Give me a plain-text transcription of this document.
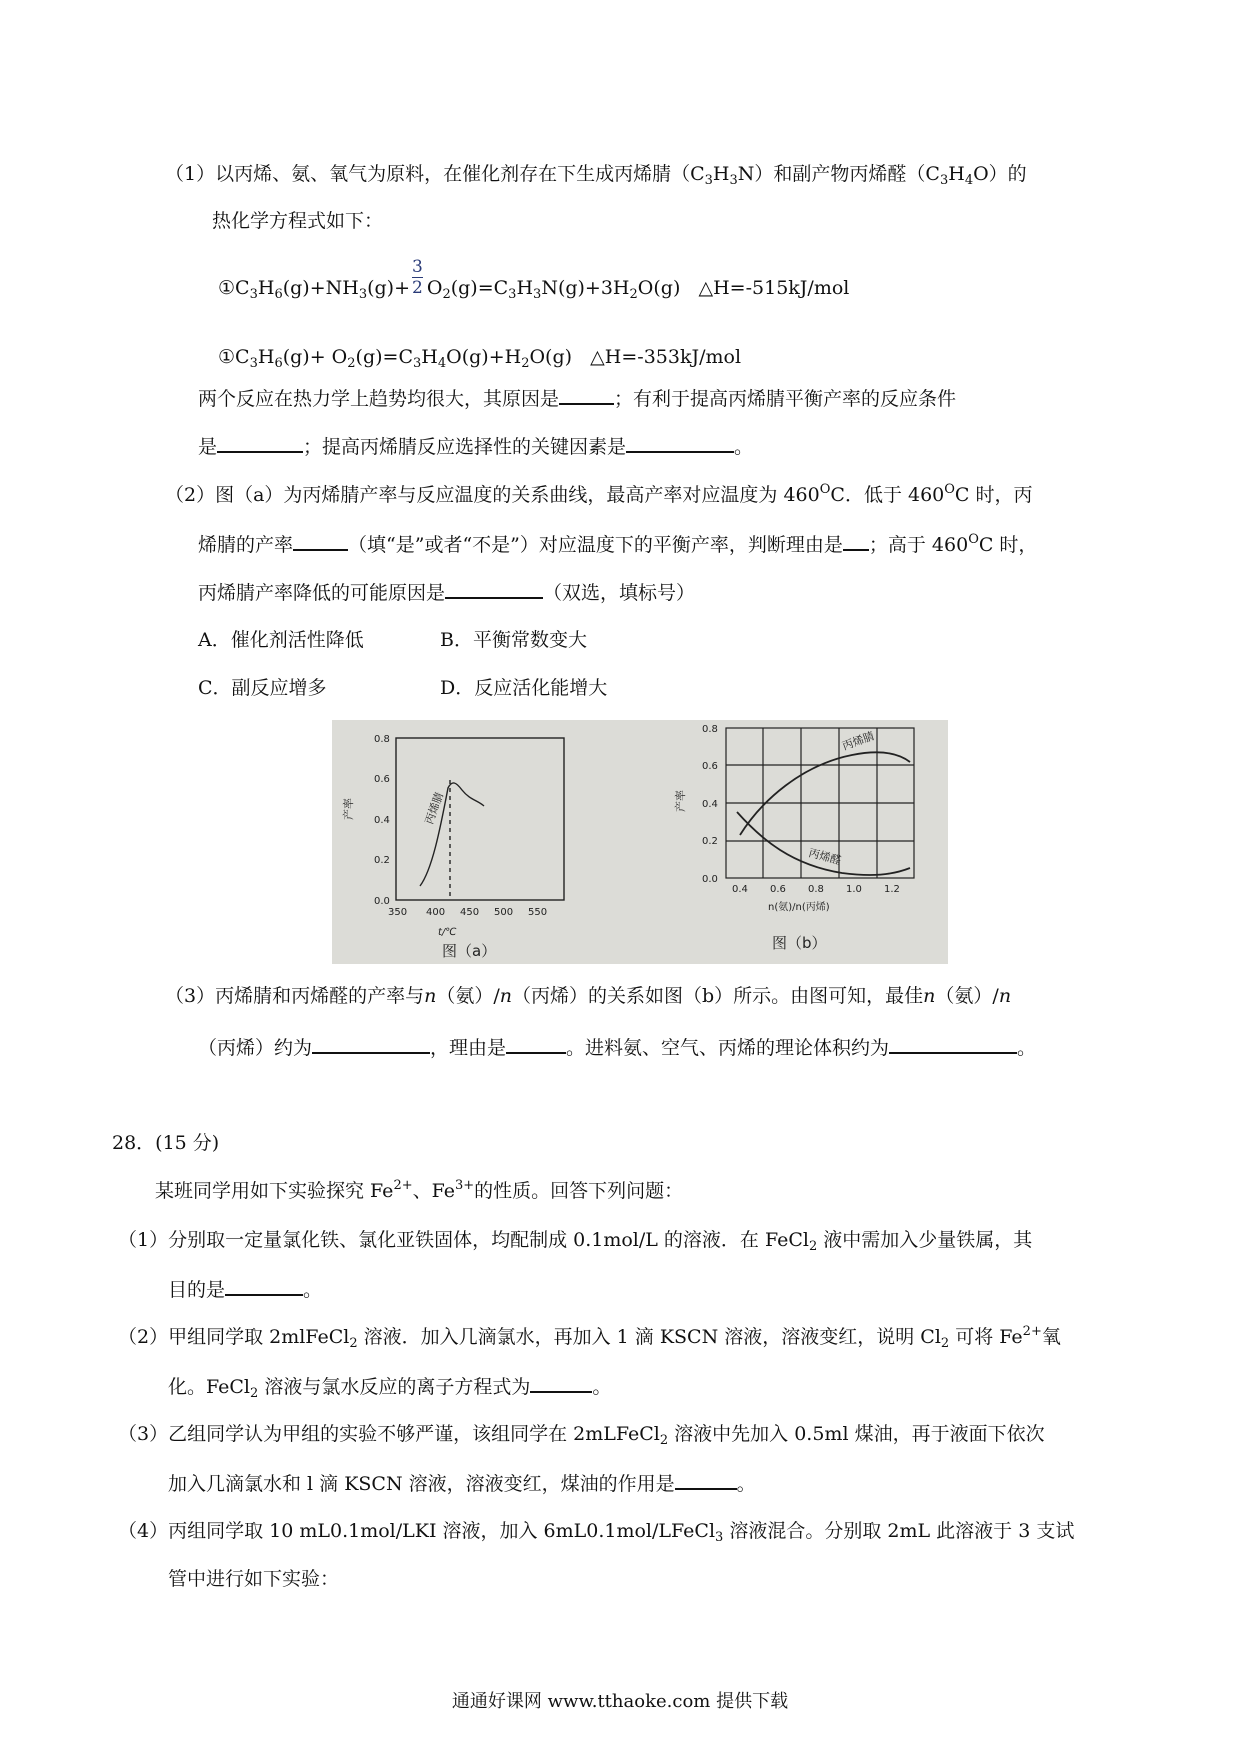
（1）以丙烯、氨、氧气为原料，在催化剂存在下生成丙烯腈$(C_3H_3N)$和副产物丙烯醛$(C_3H_4O)$的
热化学方程式如下：
$①C_3H_6(g)+NH_3(g)+ \frac{3}{2} O_2(g)=C_3H_3N(g)+3H_2O(g)$ △H=-515kJ/mol
$①C_3H_6(g)+ O_2(g)=C_3H_4O(g)+H_2O(g)$ △H=-353kJ/mol
两个反应在热力学上趋势均很大，其原因是	；有利于提高丙烯腈平衡产率的反应条件
是	；提高丙烯腈反应选择性的关键因素是	。
（2）图（a）为丙烯腈产率与反应温度的关系曲线，最高产率对应温度为 $460^OC$．低于 $460^OC$ 时，丙
烯腈的产率	（填“是”或者“不是”）对应温度下的平衡产率，判断理由是 ；高于 $460^OC$ 时，
丙烯腈产率降低的可能原因是	（双选，填标号）
A．催化剂活性降低	B．平衡常数变大
C．副反应增多	D．反应活化能增大
0.0
0.2
0.4
0.6
0.8
350 400 450 500 550
产率
t/℃
丙烯腈
图（a）
0.0
0.2
0.4
0.6
0.8
0.4 0.6 0.8 1.0 1.2
产率
n(氨)/n(丙烯)
丙烯腈
丙烯醛
图（b）
（3）丙烯腈和丙烯醛的产率与n（氨）/n（丙烯）的关系如图（b）所示。由图可知，最佳n（氨）/n
（丙烯）约为	，理由是	。进料氨、空气、丙烯的理论体积约为	。
28．(15 分)
某班同学用如下实验探究 $Fe^{2+}$、$Fe^{3+}$的性质。回答下列问题：
（1）分别取一定量氯化铁、氯化亚铁固体，均配制成 0.1mol/L 的溶液．在 FeCl$_2$ 液中需加入少量铁属，其
目的是	。
（2）甲组同学取 2mlFeCl$_2$ 溶液．加入几滴氯水，再加入 1 滴 KSCN 溶液，溶液变红，说明 $Cl_2$ 可将 $Fe^{2+}$氧
化。FeCl$_2$ 溶液与氯水反应的离子方程式为	。
（3）乙组同学认为甲组的实验不够严谨，该组同学在 2mLFeCl$_2$ 溶液中先加入 0.5ml 煤油，再于液面下依次
加入几滴氯水和 l 滴 KSCN 溶液，溶液变红，煤油的作用是	。
（4）丙组同学取 10 mL0.1mol/LKI 溶液，加入 6mL0.1mol/LFeCl$_3$ 溶液混合。分别取 2mL 此溶液于 3 支试
管中进行如下实验：
通通好课网 www.tthaoke.com 提供下载
